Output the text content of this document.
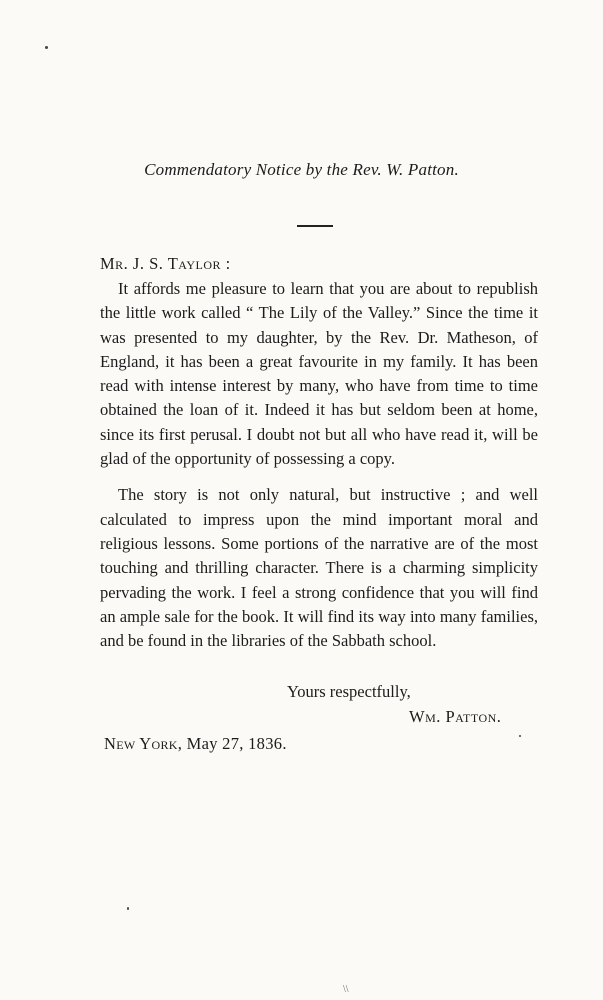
Commendatory Notice by the Rev. W. Patton.
Mr. J. S. Taylor :

It affords me pleasure to learn that you are about to republish the little work called “ The Lily of the Valley.” Since the time it was presented to my daughter, by the Rev. Dr. Matheson, of England, it has been a great favourite in my family. It has been read with intense interest by many, who have from time to time obtained the loan of it. Indeed it has but seldom been at home, since its first perusal. I doubt not but all who have read it, will be glad of the opportunity of possessing a copy.

The story is not only natural, but instructive ; and well calculated to impress upon the mind important moral and religious lessons. Some portions of the narrative are of the most touching and thrilling character. There is a charming simplicity pervading the work. I feel a strong confidence that you will find an ample sale for the book. It will find its way into many families, and be found in the libraries of the Sabbath school.

Yours respectfully,
Wm. Patton.
New York, May 27, 1836.
\\
